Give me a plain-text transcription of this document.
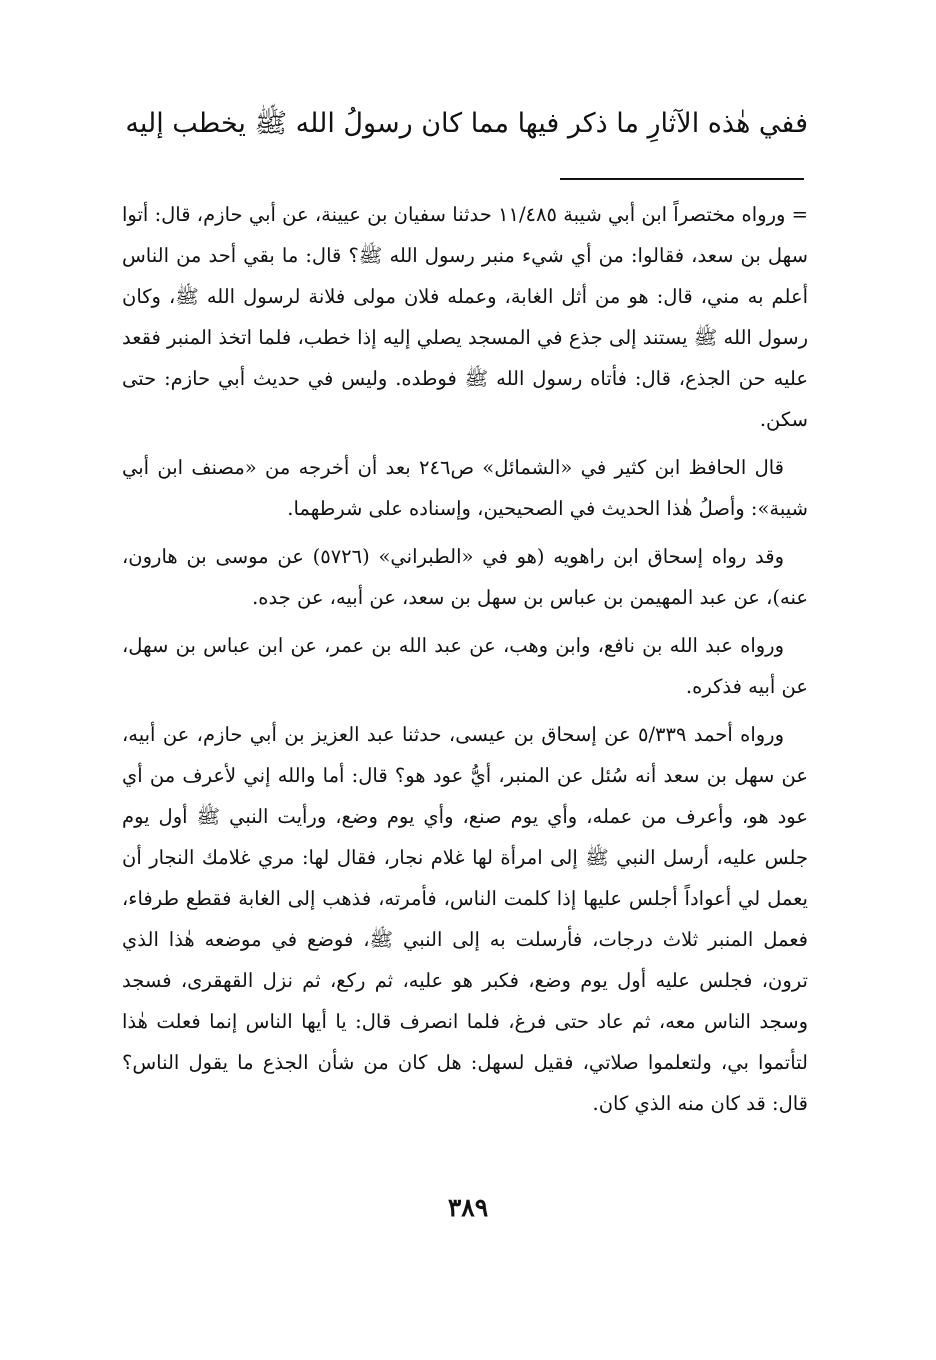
ففي هٰذه الآثارِ ما ذكر فيها مما كان رسولُ الله ﷺ يخطب إليه

= ورواه مختصراً ابن أبي شيبة ١١/٤٨٥ حدثنا سفيان بن عيينة، عن أبي حازم، قال: أتوا سهل بن سعد، فقالوا: من أي شيء منبر رسول الله ﷺ؟ قال: ما بقي أحد من الناس أعلم به مني، قال: هو من أثل الغابة، وعمله فلان مولى فلانة لرسول الله ﷺ، وكان رسول الله ﷺ يستند إلى جذع في المسجد يصلي إليه إذا خطب، فلما اتخذ المنبر فقعد عليه حن الجذع، قال: فأتاه رسول الله ﷺ فوطده. وليس في حديث أبي حازم: حتى سكن.

قال الحافظ ابن كثير في «الشمائل» ص٢٤٦ بعد أن أخرجه من «مصنف ابن أبي شيبة»: وأصلُ هٰذا الحديث في الصحيحين، وإسناده على شرطهما.

وقد رواه إسحاق ابن راهويه (هو في «الطبراني» (٥٧٢٦) عن موسى بن هارون، عنه)، عن عبد المهيمن بن عباس بن سهل بن سعد، عن أبيه، عن جده.

ورواه عبد الله بن نافع، وابن وهب، عن عبد الله بن عمر، عن ابن عباس بن سهل، عن أبيه فذكره.

ورواه أحمد ٥/٣٣٩ عن إسحاق بن عيسى، حدثنا عبد العزيز بن أبي حازم، عن أبيه، عن سهل بن سعد أنه سُئل عن المنبر، أيُّ عود هو؟ قال: أما والله إني لأعرف من أي عود هو، وأعرف من عمله، وأي يوم صنع، وأي يوم وضع، ورأيت النبي ﷺ أول يوم جلس عليه، أرسل النبي ﷺ إلى امرأة لها غلام نجار، فقال لها: مري غلامك النجار أن يعمل لي أعواداً أجلس عليها إذا كلمت الناس، فأمرته، فذهب إلى الغابة فقطع طرفاء، فعمل المنبر ثلاث درجات، فأرسلت به إلى النبي ﷺ، فوضع في موضعه هٰذا الذي ترون، فجلس عليه أول يوم وضع، فكبر هو عليه، ثم ركع، ثم نزل القهقرى، فسجد وسجد الناس معه، ثم عاد حتى فرغ، فلما انصرف قال: يا أيها الناس إنما فعلت هٰذا لتأتموا بي، ولتعلموا صلاتي، فقيل لسهل: هل كان من شأن الجذع ما يقول الناس؟ قال: قد كان منه الذي كان.

٣٨٩
